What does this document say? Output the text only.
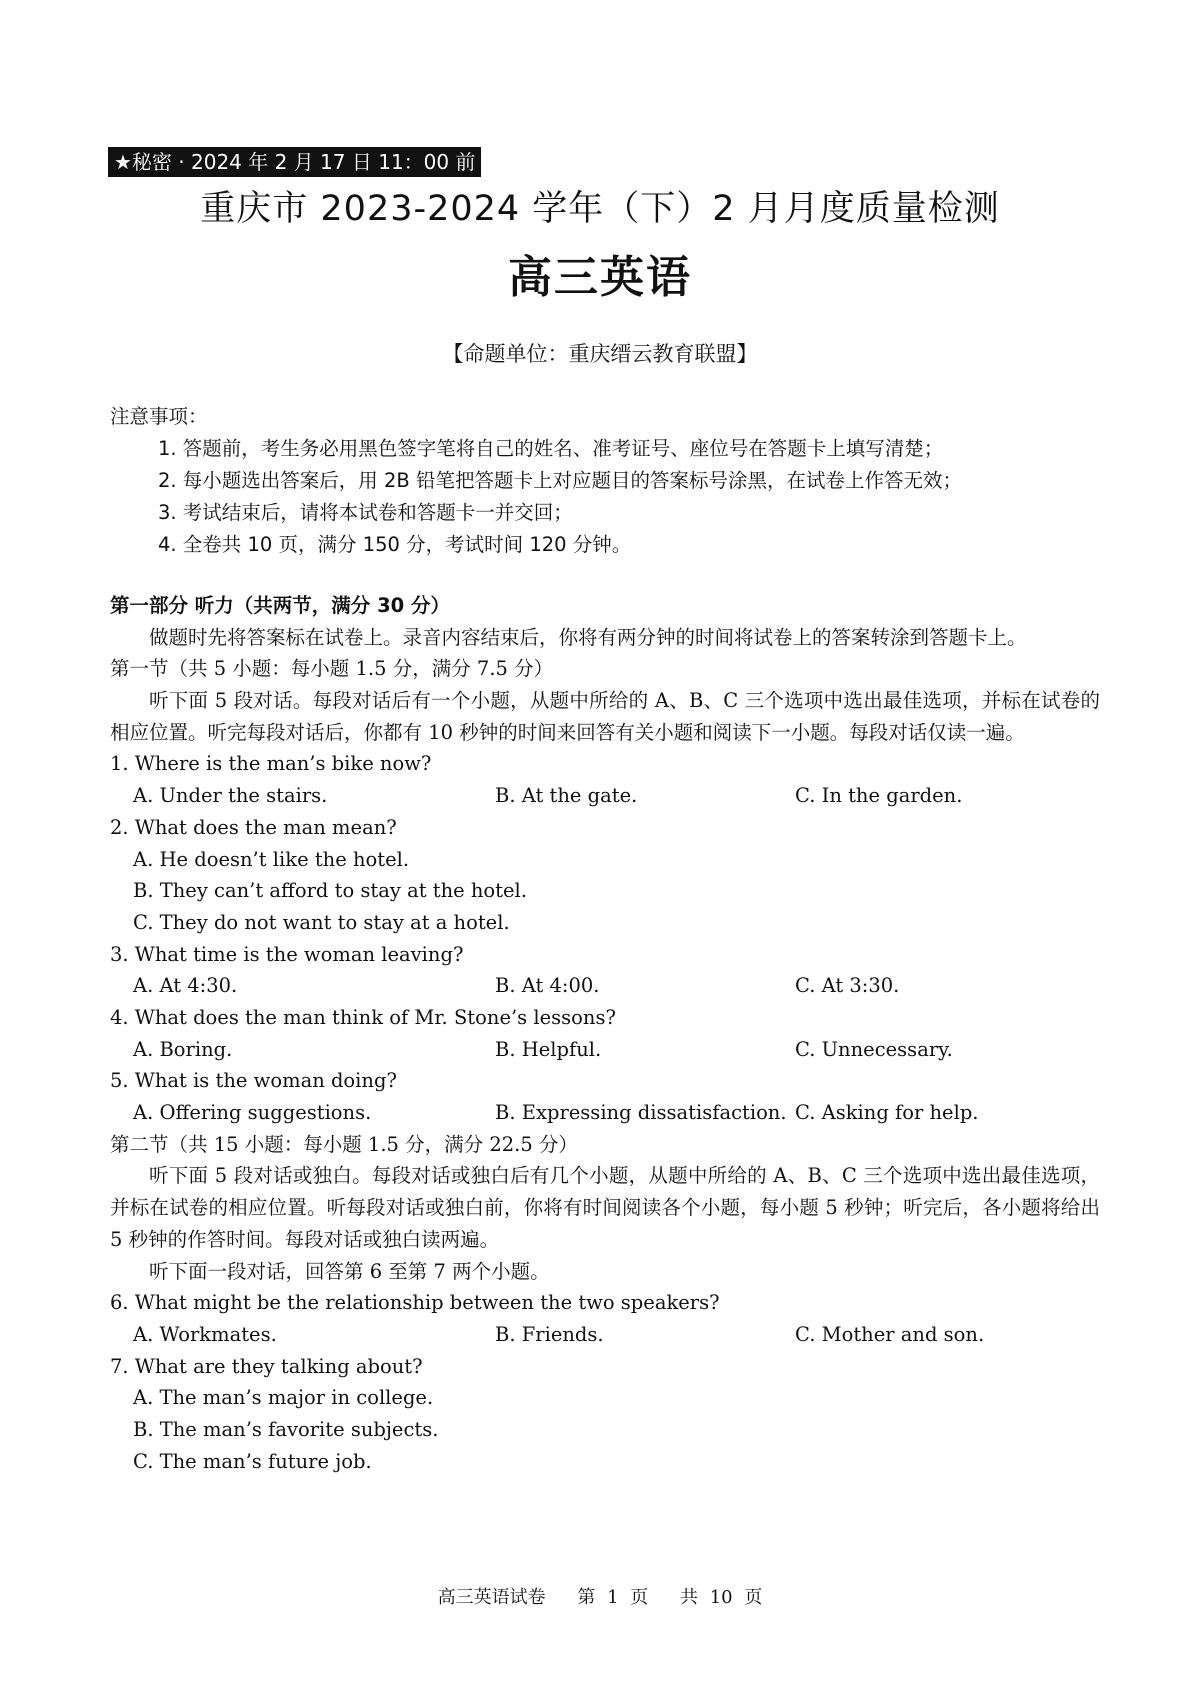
★秘密 · 2024 年 2 月 17 日 11：00 前
重庆市 2023-2024 学年（下）2 月月度质量检测
高三英语
【命题单位：重庆缙云教育联盟】
注意事项：
1. 答题前，考生务必用黑色签字笔将自己的姓名、准考证号、座位号在答题卡上填写清楚；
2. 每小题选出答案后，用 2B 铅笔把答题卡上对应题目的答案标号涂黑，在试卷上作答无效；
3. 考试结束后，请将本试卷和答题卡一并交回；
4. 全卷共 10 页，满分 150 分，考试时间 120 分钟。
第一部分 听力（共两节，满分 30 分）
做题时先将答案标在试卷上。录音内容结束后，你将有两分钟的时间将试卷上的答案转涂到答题卡上。
第一节（共 5 小题：每小题 1.5 分，满分 7.5 分）
听下面 5 段对话。每段对话后有一个小题，从题中所给的 A、B、C 三个选项中选出最佳选项，并标在试卷的相应位置。听完每段对话后，你都有 10 秒钟的时间来回答有关小题和阅读下一小题。每段对话仅读一遍。
1. Where is the man’s bike now?
A. Under the stairs.	B. At the gate.	C. In the garden.
2. What does the man mean?
A. He doesn’t like the hotel.
B. They can’t afford to stay at the hotel.
C. They do not want to stay at a hotel.
3. What time is the woman leaving?
A. At 4:30.	B. At 4:00.	C. At 3:30.
4. What does the man think of Mr. Stone’s lessons?
A. Boring.	B. Helpful.	C. Unnecessary.
5. What is the woman doing?
A. Offering suggestions.	B. Expressing dissatisfaction. C. Asking for help.
第二节（共 15 小题：每小题 1.5 分，满分 22.5 分）
听下面 5 段对话或独白。每段对话或独白后有几个小题，从题中所给的 A、B、C 三个选项中选出最佳选项，并标在试卷的相应位置。听每段对话或独白前，你将有时间阅读各个小题，每小题 5 秒钟；听完后，各小题将给出 5 秒钟的作答时间。每段对话或独白读两遍。
听下面一段对话，回答第 6 至第 7 两个小题。
6. What might be the relationship between the two speakers?
A. Workmates.	B. Friends.	C. Mother and son.
7. What are they talking about?
A. The man’s major in college.
B. The man’s favorite subjects.
C. The man’s future job.
高三英语试卷 第 1 页 共 10 页
